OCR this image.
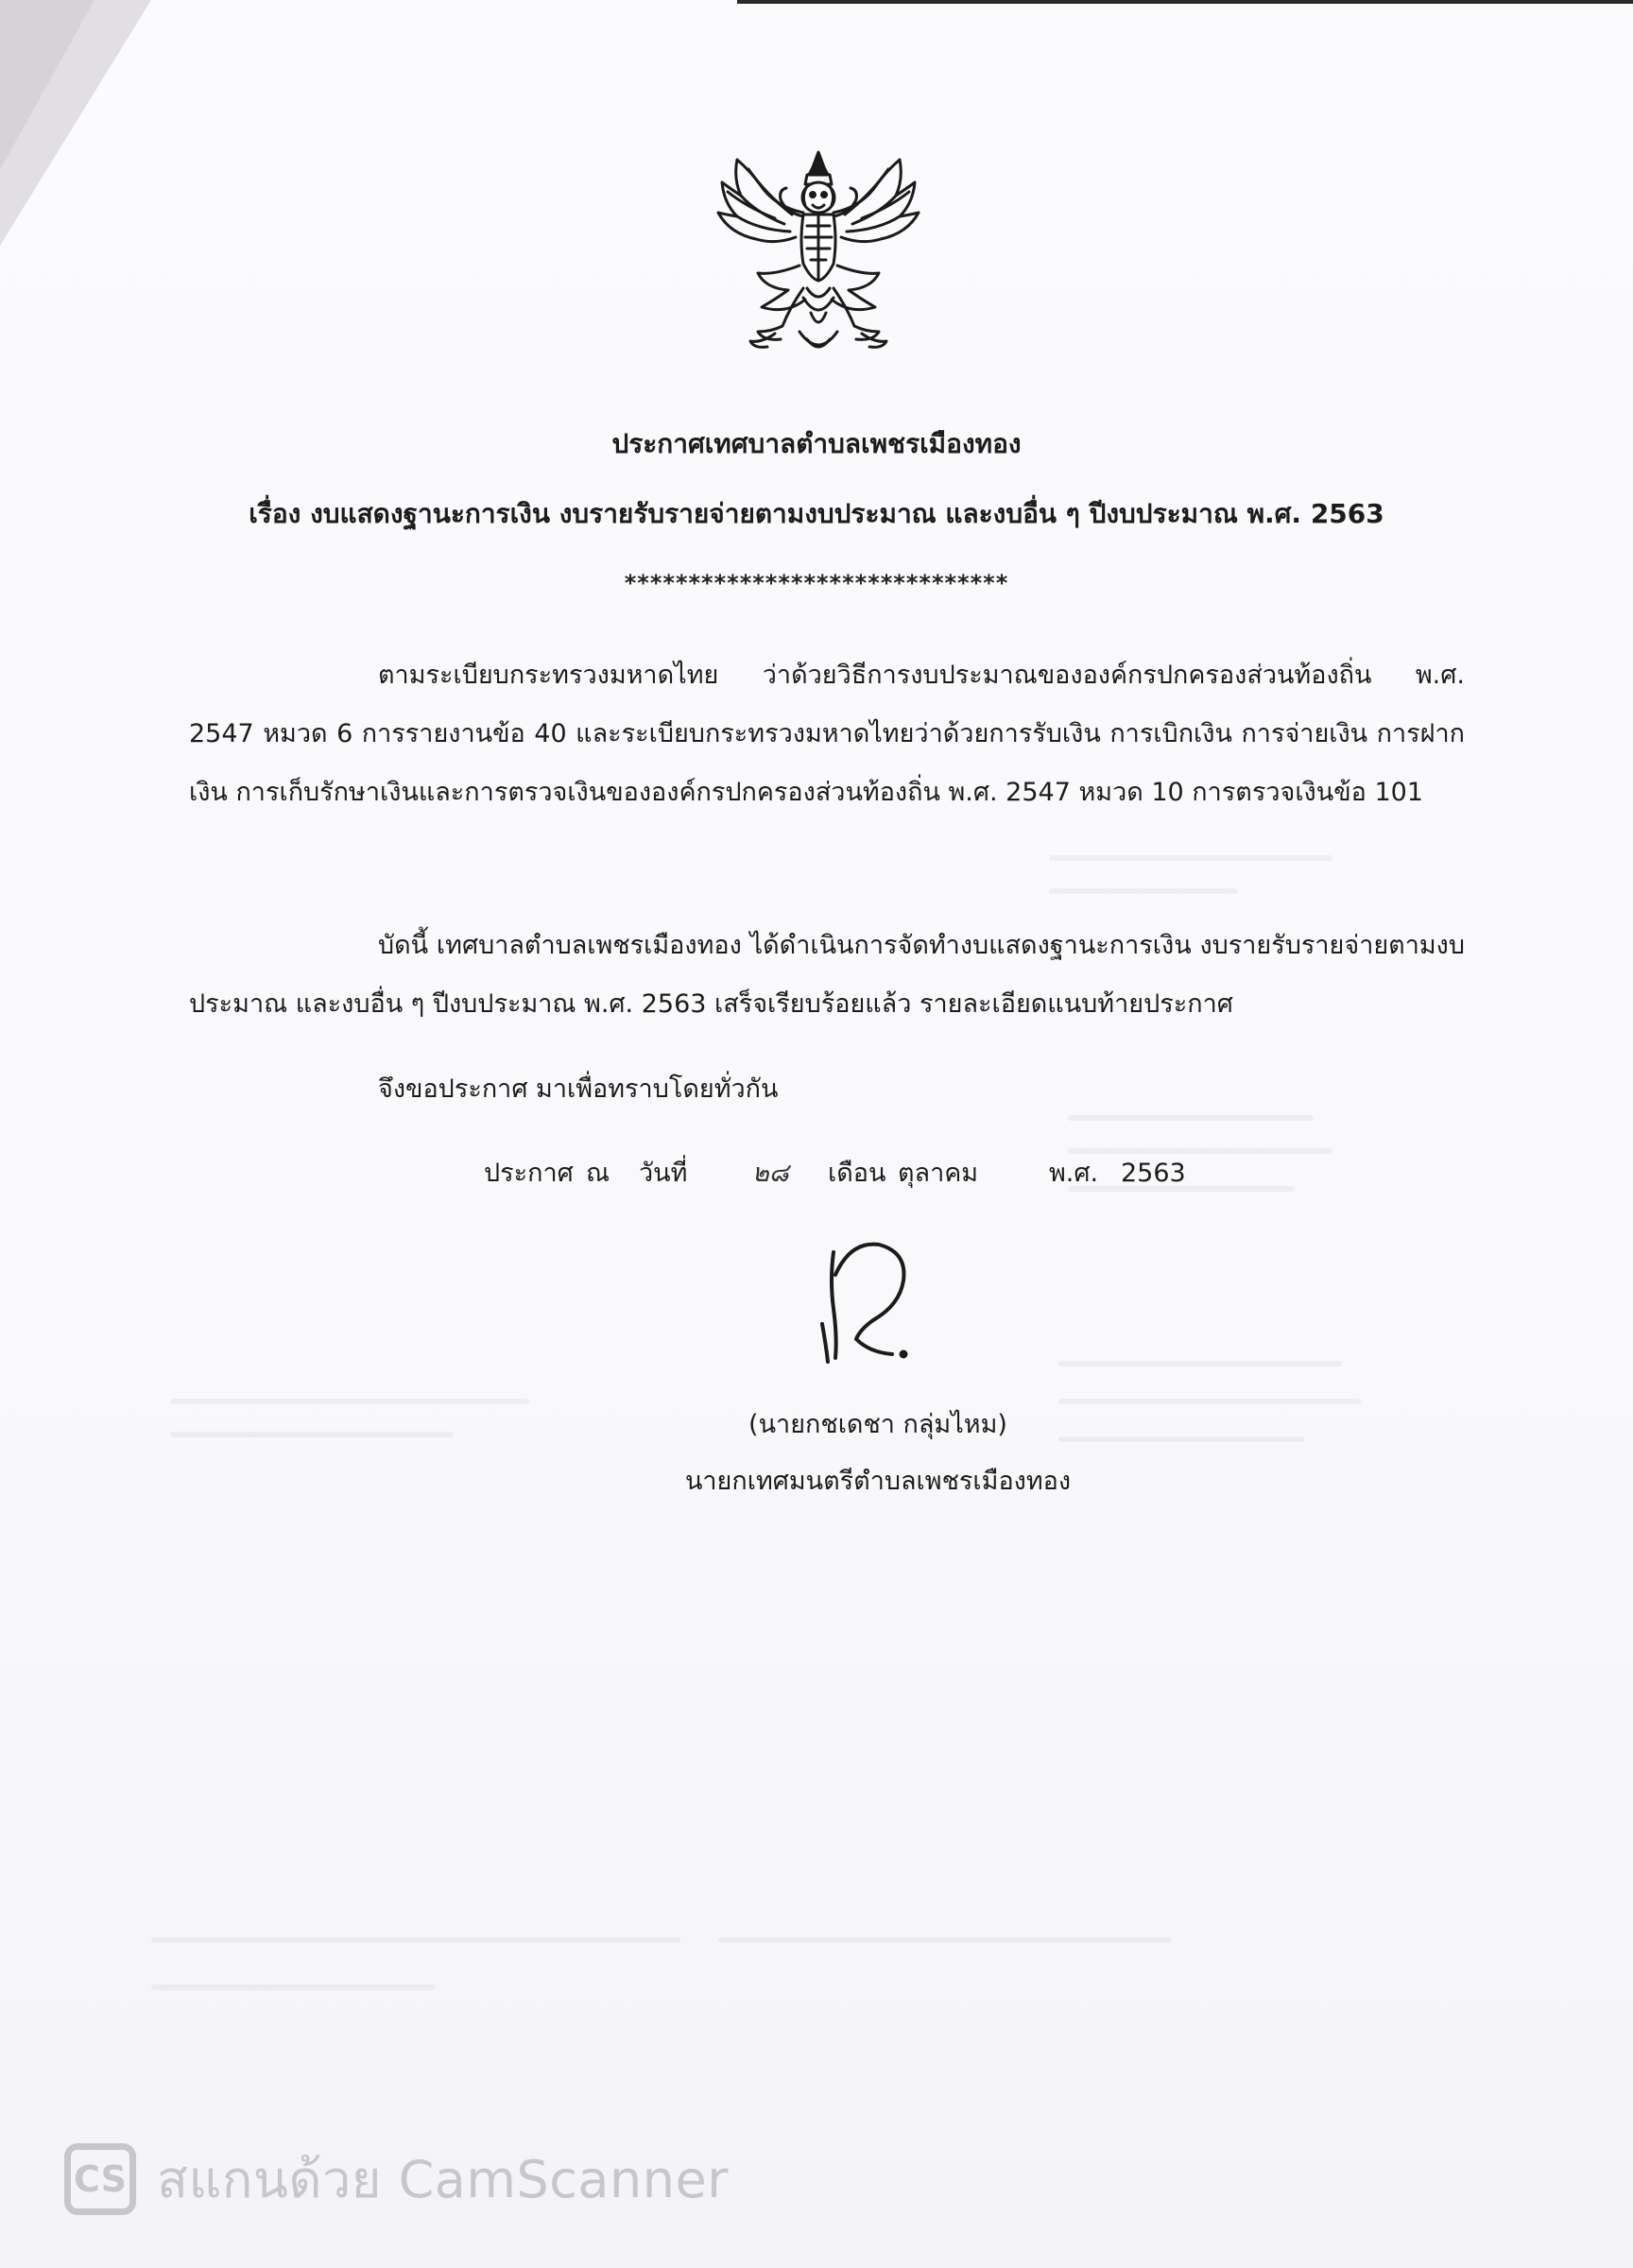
ประกาศเทศบาลตำบลเพชรเมืองทอง
เรื่อง งบแสดงฐานะการเงิน งบรายรับรายจ่ายตามงบประมาณ และงบอื่น ๆ ปีงบประมาณ พ.ศ. 2563
******************************
ตามระเบียบกระทรวงมหาดไทย ว่าด้วยวิธีการงบประมาณขององค์กรปกครองส่วนท้องถิ่น พ.ศ. 2547 หมวด 6 การรายงานข้อ 40 และระเบียบกระทรวงมหาดไทยว่าด้วยการรับเงิน การเบิกเงิน การจ่ายเงิน การฝากเงิน การเก็บรักษาเงินและการตรวจเงินขององค์กรปกครองส่วนท้องถิ่น พ.ศ. 2547 หมวด 10 การตรวจเงินข้อ 101
บัดนี้ เทศบาลตำบลเพชรเมืองทอง ได้ดำเนินการจัดทำงบแสดงฐานะการเงิน งบรายรับรายจ่ายตามงบประมาณ และงบอื่น ๆ ปีงบประมาณ พ.ศ. 2563 เสร็จเรียบร้อยแล้ว รายละเอียดแนบท้ายประกาศ
จึงขอประกาศ มาเพื่อทราบโดยทั่วกัน
ประกาศ ณ วันที่	๒๘ เดือน ตุลาคม	พ.ศ. 2563
(นายกชเดชา กลุ่มไหม)
นายกเทศมนตรีตำบลเพชรเมืองทอง
CS สแกนด้วย CamScanner
